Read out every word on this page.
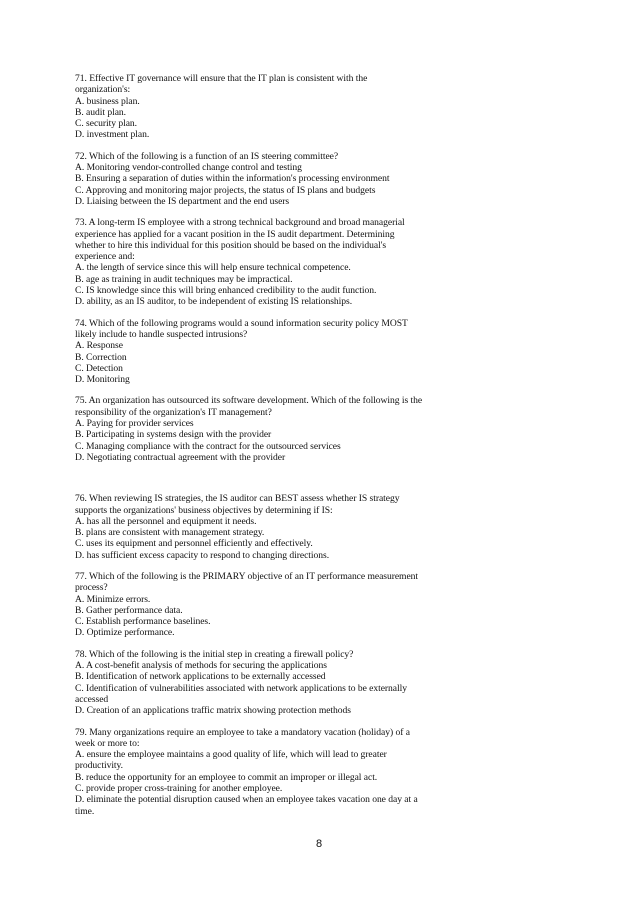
71. Effective IT governance will ensure that the IT plan is consistent with the
organization's:
A. business plan.
B. audit plan.
C. security plan.
D. investment plan.
72. Which of the following is a function of an IS steering committee?
A. Monitoring vendor-controlled change control and testing
B. Ensuring a separation of duties within the information's processing environment
C. Approving and monitoring major projects, the status of IS plans and budgets
D. Liaising between the IS department and the end users
73. A long-term IS employee with a strong technical background and broad managerial
experience has applied for a vacant position in the IS audit department. Determining
whether to hire this individual for this position should be based on the individual's
experience and:
A. the length of service since this will help ensure technical competence.
B. age as training in audit techniques may be impractical.
C. IS knowledge since this will bring enhanced credibility to the audit function.
D. ability, as an IS auditor, to be independent of existing IS relationships.
74. Which of the following programs would a sound information security policy MOST
likely include to handle suspected intrusions?
A. Response
B. Correction
C. Detection
D. Monitoring
75. An organization has outsourced its software development. Which of the following is the
responsibility of the organization's IT management?
A. Paying for provider services
B. Participating in systems design with the provider
C. Managing compliance with the contract for the outsourced services
D. Negotiating contractual agreement with the provider
76. When reviewing IS strategies, the IS auditor can BEST assess whether IS strategy
supports the organizations' business objectives by determining if IS:
A. has all the personnel and equipment it needs.
B. plans are consistent with management strategy.
C. uses its equipment and personnel efficiently and effectively.
D. has sufficient excess capacity to respond to changing directions.
77. Which of the following is the PRIMARY objective of an IT performance measurement
process?
A. Minimize errors.
B. Gather performance data.
C. Establish performance baselines.
D. Optimize performance.
78. Which of the following is the initial step in creating a firewall policy?
A. A cost-benefit analysis of methods for securing the applications
B. Identification of network applications to be externally accessed
C. Identification of vulnerabilities associated with network applications to be externally
accessed
D. Creation of an applications traffic matrix showing protection methods
79. Many organizations require an employee to take a mandatory vacation (holiday) of a
week or more to:
A. ensure the employee maintains a good quality of life, which will lead to greater
productivity.
B. reduce the opportunity for an employee to commit an improper or illegal act.
C. provide proper cross-training for another employee.
D. eliminate the potential disruption caused when an employee takes vacation one day at a
time.
8
